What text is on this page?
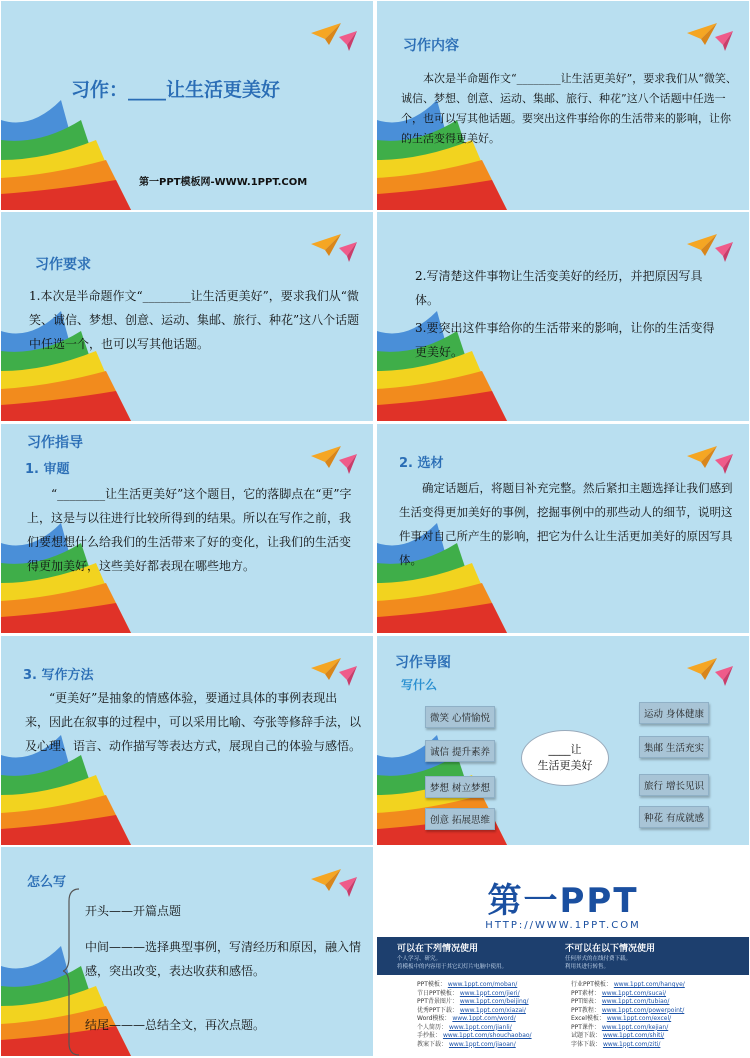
习作：____让生活更美好
第一PPT模板网-WWW.1PPT.COM
习作内容
本次是半命题作文“________让生活更美好”，要求我们从“微笑、诚信、梦想、创意、运动、集邮、旅行、种花”这八个话题中任选一个，也可以写其他话题。要突出这件事给你的生活带来的影响，让你的生活变得更美好。
习作要求
1.本次是半命题作文“________让生活更美好”，要求我们从“微笑、诚信、梦想、创意、运动、集邮、旅行、种花”这八个话题中任选一个，也可以写其他话题。
2.写清楚这件事物让生活变美好的经历，并把原因写具体。
3.要突出这件事给你的生活带来的影响，让你的生活变得更美好。
习作指导
1. 审题
“________让生活更美好”这个题目，它的落脚点在“更”字上，这是与以往进行比较所得到的结果。所以在写作之前，我们要想想什么给我们的生活带来了好的变化，让我们的生活变得更加美好，这些美好都表现在哪些地方。
2. 选材
确定话题后，将题目补充完整。然后紧扣主题选择让我们感到生活变得更加美好的事例，挖掘事例中的那些动人的细节，说明这件事对自己所产生的影响，把它为什么让生活更加美好的原因写具体。
3. 写作方法
“更美好”是抽象的情感体验，要通过具体的事例表现出来，因此在叙事的过程中，可以采用比喻、夸张等修辞手法，以及心理、语言、动作描写等表达方式，展现自己的体验与感悟。
习作导图
写什么
____让
生活更美好
微笑 心情愉悦
诚信 提升素养
梦想 树立梦想
创意 拓展思维
运动 身体健康
集邮 生活充实
旅行 增长见识
种花 有成就感
怎么写
开头——开篇点题
中间———选择典型事例，写清经历和原因，融入情感，突出改变，表达收获和感悟。
结尾———总结全文，再次点题。
第一PPT
HTTP://WWW.1PPT.COM
可以在下列情况使用
个人学习、研究。
将模板中的内容用于其它幻灯片电脑中使用。
不可以在以下情况使用
任何形式的在线付费下载。
利用其进行转售。
PPT模板： www.1ppt.com/moban/
节日PPT模板： www.1ppt.com/jieri/
PPT背景图片： www.1ppt.com/beijing/
优秀PPT下载： www.1ppt.com/xiazai/
Word模板： www.1ppt.com/word/
个人简历： www.1ppt.com/jianli/
手抄报： www.1ppt.com/shouchaobao/
教案下载： www.1ppt.com/jiaoan/
行业PPT模板： www.1ppt.com/hangye/
PPT素材： www.1ppt.com/sucai/
PPT图表： www.1ppt.com/tubiao/
PPT教程： www.1ppt.com/powerpoint/
Excel模板： www.1ppt.com/excel/
PPT课件： www.1ppt.com/kejian/
试题下载： www.1ppt.com/shiti/
字体下载： www.1ppt.com/ziti/
